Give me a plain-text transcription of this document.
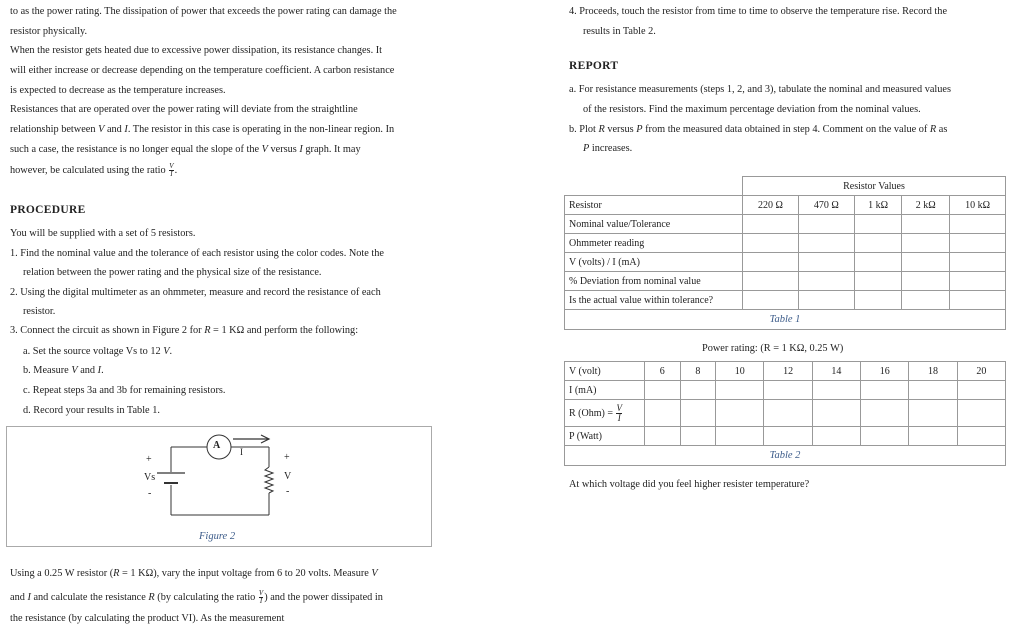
to as the power rating. The dissipation of power that exceeds the power rating can damage the
resistor physically.
When the resistor gets heated due to excessive power dissipation, its resistance changes. It
will either increase or decrease depending on the temperature coefficient. A carbon resistance
is expected to decrease as the temperature increases.
Resistances that are operated over the power rating will deviate from the straightline
relationship between V and I. The resistor in this case is operating in the non-linear region. In
such a case, the resistance is no longer equal the slope of the V versus I graph. It may
however, be calculated using the ratio $\frac{V}{I}$ .
PROCEDURE
You will be supplied with a set of 5 resistors.
1. Find the nominal value and the tolerance of each resistor using the color codes. Note the
relation between the power rating and the physical size of the resistance.
2. Using the digital multimeter as an ohmmeter, measure and record the resistance of each
resistor.
3. Connect the circuit as shown in Figure 2 for R = 1 KΩ and perform the following:
a. Set the source voltage Vs to 12 V.
b. Measure V and I.
c. Repeat steps 3a and 3b for remaining resistors.
d. Record your results in Table 1.
A
I
+
Vs
-
+
V
-
Figure 2
Using a 0.25 W resistor (R = 1 KΩ), vary the input voltage from 6 to 20 volts. Measure V
and I and calculate the resistance R (by calculating the ratio $\frac{V}{I}$ ) and the power dissipated in
the resistance (by calculating the product VI). As the measurement
4. Proceeds, touch the resistor from time to time to observe the temperature rise. Record the
results in Table 2.
REPORT
a. For resistance measurements (steps 1, 2, and 3), tabulate the nominal and measured values
of the resistors. Find the maximum percentage deviation from the nominal values.
b. Plot R versus P from the measured data obtained in step 4. Comment on the value of R as
P increases.
	Resistor Values				
Resistor	220 Ω	470 Ω	1 kΩ	2 kΩ	10 kΩ
Nominal value/Tolerance					
Ohmmeter reading					
V (volts) / I (mA)					
% Deviation from nominal value					
Is the actual value within tolerance?					
Table 1					
Power rating: (R = 1 KΩ, 0.25 W)
V (volt)	6	8	10	12	14	16	18	20
I (mA)								
R $(Ohm) = \frac{V}{I}$

P (Watt)								
Table 2								
At which voltage did you feel higher resister temperature?
